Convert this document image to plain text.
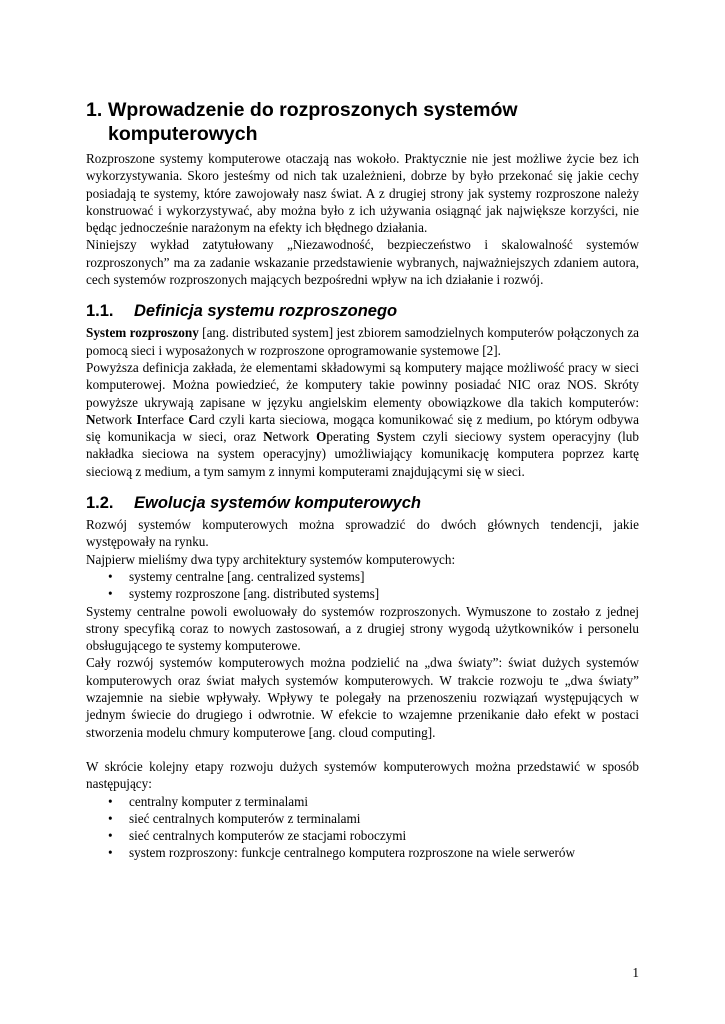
1. Wprowadzenie do rozproszonych systemów komputerowych

Rozproszone systemy komputerowe otaczają nas wokoło. Praktycznie nie jest możliwe życie bez ich wykorzystywania. Skoro jesteśmy od nich tak uzależnieni, dobrze by było przekonać się jakie cechy posiadają te systemy, które zawojowały nasz świat. A z drugiej strony jak systemy rozproszone należy konstruować i wykorzystywać, aby można było z ich używania osiągnąć jak największe korzyści, nie będąc jednocześnie narażonym na efekty ich błędnego działania.

Niniejszy wykład zatytułowany „Niezawodność, bezpieczeństwo i skalowalność systemów rozproszonych” ma za zadanie wskazanie przedstawienie wybranych, najważniejszych zdaniem autora, cech systemów rozproszonych mających bezpośredni wpływ na ich działanie i rozwój.

1.1.	Definicja systemu rozproszonego

System rozproszony [ang. distributed system] jest zbiorem samodzielnych komputerów połączonych za pomocą sieci i wyposażonych w rozproszone oprogramowanie systemowe [2].

Powyższa definicja zakłada, że elementami składowymi są komputery mające możliwość pracy w sieci komputerowej. Można powiedzieć, że komputery takie powinny posiadać NIC oraz NOS. Skróty powyższe ukrywają zapisane w języku angielskim elementy obowiązkowe dla takich komputerów: Network Interface Card czyli karta sieciowa, mogąca komunikować się z medium, po którym odbywa się komunikacja w sieci, oraz Network Operating System czyli sieciowy system operacyjny (lub nakładka sieciowa na system operacyjny) umożliwiający komunikację komputera poprzez kartę sieciową z medium, a tym samym z innymi komputerami znajdującymi się w sieci.

1.2.	Ewolucja systemów komputerowych

Rozwój systemów komputerowych można sprowadzić do dwóch głównych tendencji, jakie występowały na rynku.

Najpierw mieliśmy dwa typy architektury systemów komputerowych:

• systemy centralne [ang. centralized systems]
• systemy rozproszone [ang. distributed systems]

Systemy centralne powoli ewoluowały do systemów rozproszonych. Wymuszone to zostało z jednej strony specyfiką coraz to nowych zastosowań, a z drugiej strony wygodą użytkowników i personelu obsługującego te systemy komputerowe.

Cały rozwój systemów komputerowych można podzielić na „dwa światy”: świat dużych systemów komputerowych oraz świat małych systemów komputerowych. W trakcie rozwoju te „dwa światy” wzajemnie na siebie wpływały. Wpływy te polegały na przenoszeniu rozwiązań występujących w jednym świecie do drugiego i odwrotnie. W efekcie to wzajemne przenikanie dało efekt w postaci stworzenia modelu chmury komputerowe [ang. cloud computing].

W skrócie kolejny etapy rozwoju dużych systemów komputerowych można przedstawić w sposób następujący:

• centralny komputer z terminalami
• sieć centralnych komputerów z terminalami
• sieć centralnych komputerów ze stacjami roboczymi
• system rozproszony: funkcje centralnego komputera rozproszone na wiele serwerów
1
